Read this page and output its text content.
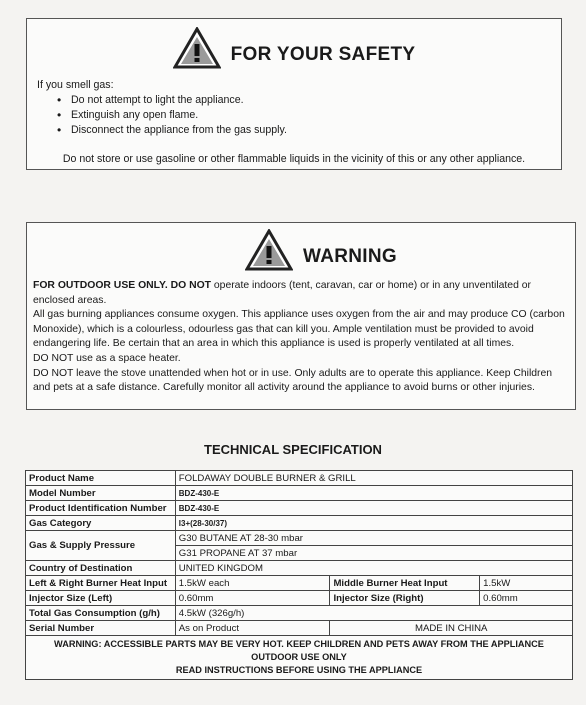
FOR YOUR SAFETY
If you smell gas:
• Do not attempt to light the appliance.
• Extinguish any open flame.
• Disconnect the appliance from the gas supply.
Do not store or use gasoline or other flammable liquids in the vicinity of this or any other appliance.
WARNING
FOR OUTDOOR USE ONLY. DO NOT operate indoors (tent, caravan, car or home) or in any unventilated or enclosed areas.
All gas burning appliances consume oxygen. This appliance uses oxygen from the air and may produce CO (carbon Monoxide), which is a colourless, odourless gas that can kill you. Ample ventilation must be provided to avoid endangering life. Be certain that an area in which this appliance is used is properly ventilated at all times.
DO NOT use as a space heater.
DO NOT leave the stove unattended when hot or in use. Only adults are to operate this appliance. Keep Children and pets at a safe distance. Carefully monitor all activity around the appliance to avoid burns or other injuries.
TECHNICAL SPECIFICATION
Product Name	FOLDAWAY DOUBLE BURNER & GRILL		
Model Number	BDZ-430-E		
Product Identification Number	BDZ-430-E		
Gas Category	I3+(28-30/37)		
Gas & Supply Pressure	G30 BUTANE AT 28-30 mbar		
	G31 PROPANE AT 37 mbar		
Country of Destination	UNITED KINGDOM		
Left & Right Burner Heat Input	1.5kW each	Middle Burner Heat Input	1.5kW
Injector Size (Left)	0.60mm	Injector Size (Right)	0.60mm
Total Gas Consumption (g/h)	4.5kW (326g/h)		
Serial Number	As on Product	MADE IN CHINA	

WARNING: ACCESSIBLE PARTS MAY BE VERY HOT. KEEP CHILDREN AND PETS AWAY FROM THE APPLIANCE
OUTDOOR USE ONLY
READ INSTRUCTIONS BEFORE USING THE APPLIANCE			
